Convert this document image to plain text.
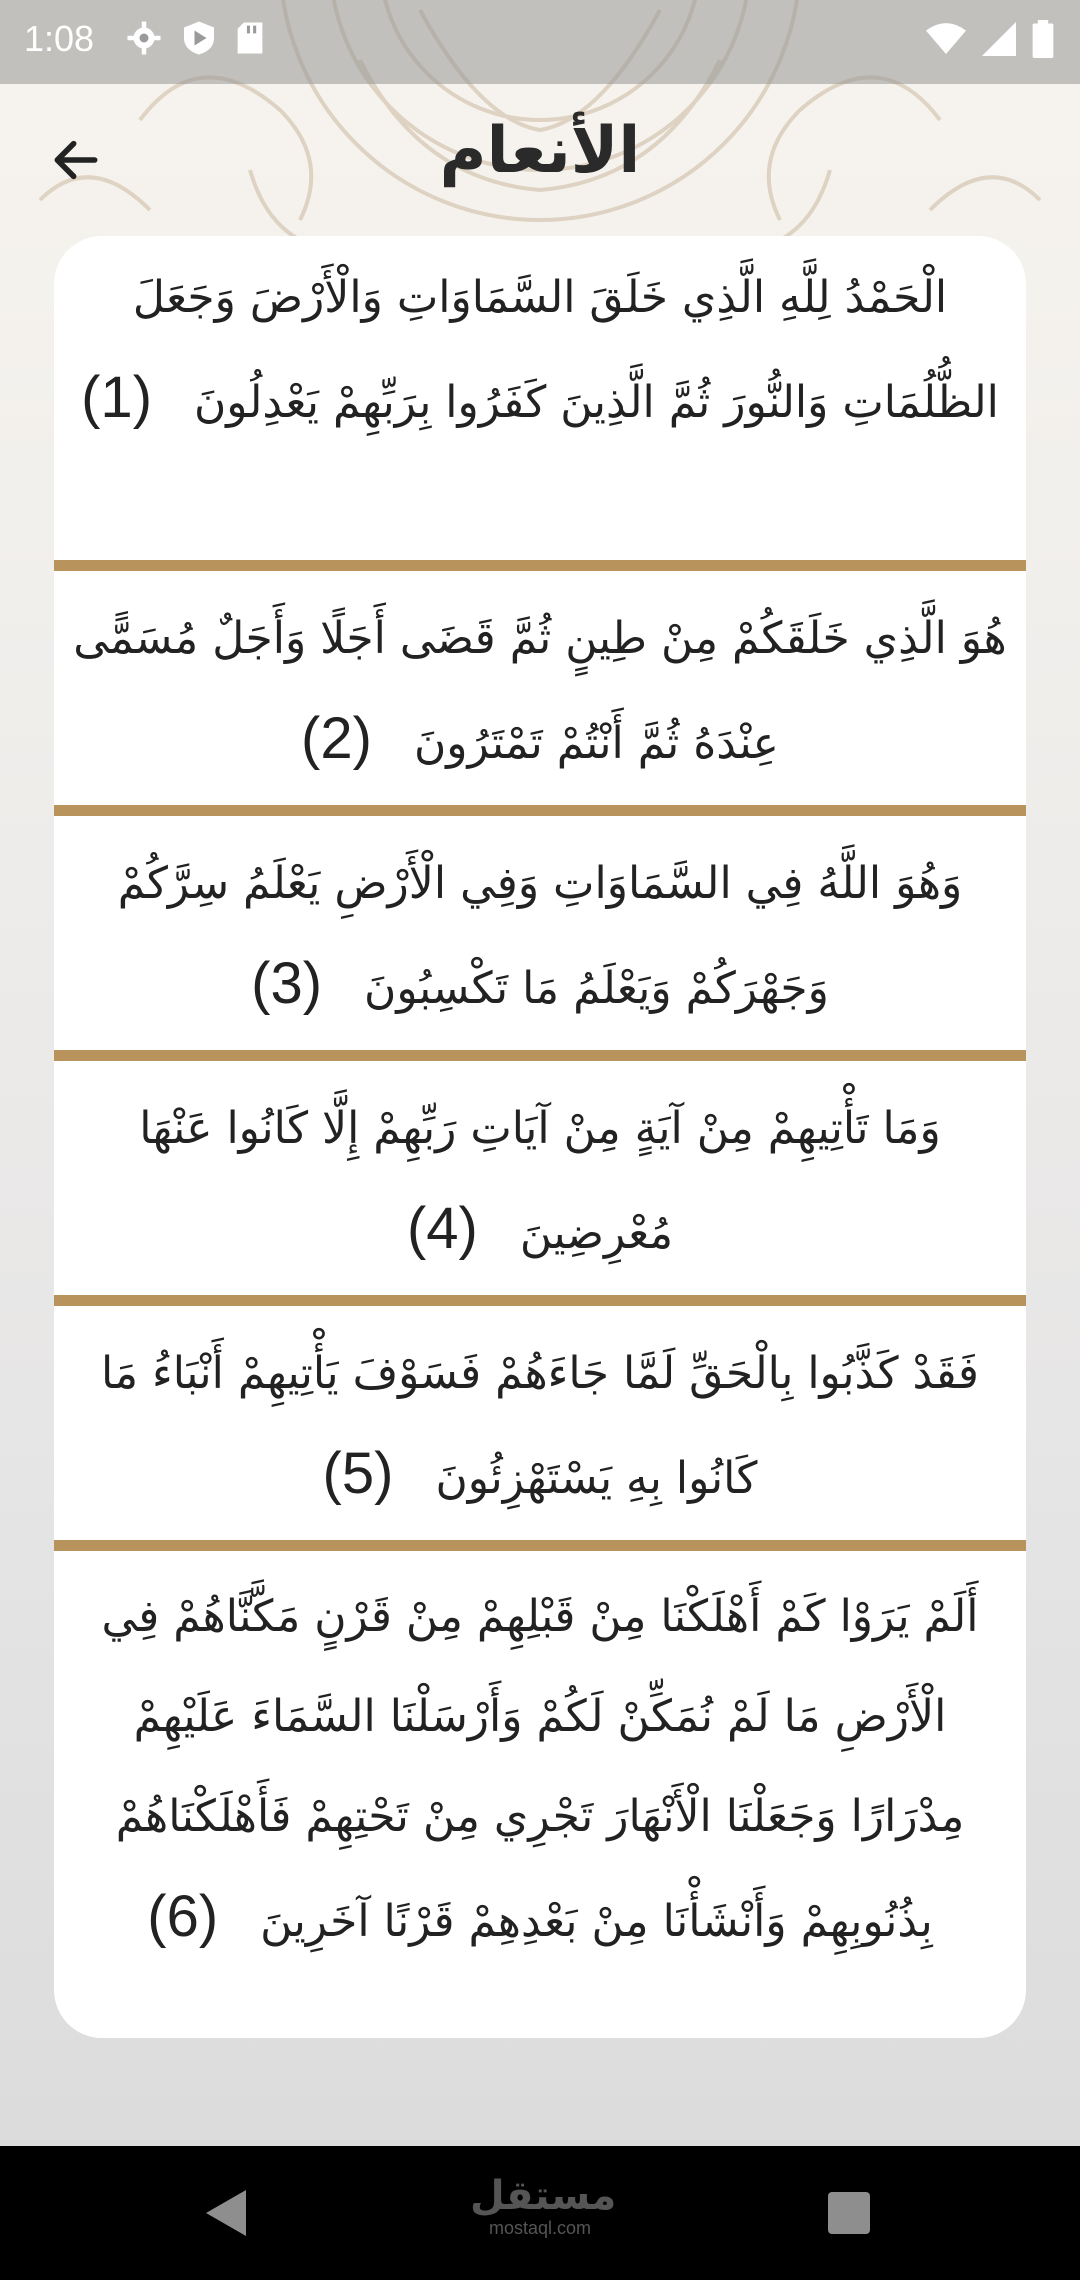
1:08
الأنعام
الْحَمْدُ لِلَّهِ الَّذِي خَلَقَ السَّمَاوَاتِ وَالْأَرْضَ وَجَعَلَ الظُّلُمَاتِ وَالنُّورَ ثُمَّ الَّذِينَ كَفَرُوا بِرَبِّهِمْ يَعْدِلُونَ   (1)
هُوَ الَّذِي خَلَقَكُمْ مِنْ طِينٍ ثُمَّ قَضَى أَجَلًا وَأَجَلٌ مُسَمًّى عِنْدَهُ ثُمَّ أَنْتُمْ تَمْتَرُونَ   (2)
وَهُوَ اللَّهُ فِي السَّمَاوَاتِ وَفِي الْأَرْضِ يَعْلَمُ سِرَّكُمْ وَجَهْرَكُمْ وَيَعْلَمُ مَا تَكْسِبُونَ   (3)
وَمَا تَأْتِيهِمْ مِنْ آيَةٍ مِنْ آيَاتِ رَبِّهِمْ إِلَّا كَانُوا عَنْهَا مُعْرِضِينَ   (4)
فَقَدْ كَذَّبُوا بِالْحَقِّ لَمَّا جَاءَهُمْ فَسَوْفَ يَأْتِيهِمْ أَنْبَاءُ مَا كَانُوا بِهِ يَسْتَهْزِئُونَ   (5)
أَلَمْ يَرَوْا كَمْ أَهْلَكْنَا مِنْ قَبْلِهِمْ مِنْ قَرْنٍ مَكَّنَّاهُمْ فِي الْأَرْضِ مَا لَمْ نُمَكِّنْ لَكُمْ وَأَرْسَلْنَا السَّمَاءَ عَلَيْهِمْ مِدْرَارًا وَجَعَلْنَا الْأَنْهَارَ تَجْرِي مِنْ تَحْتِهِمْ فَأَهْلَكْنَاهُمْ بِذُنُوبِهِمْ وَأَنْشَأْنَا مِنْ بَعْدِهِمْ قَرْنًا آخَرِينَ   (6)
مستقل
mostaql.com
